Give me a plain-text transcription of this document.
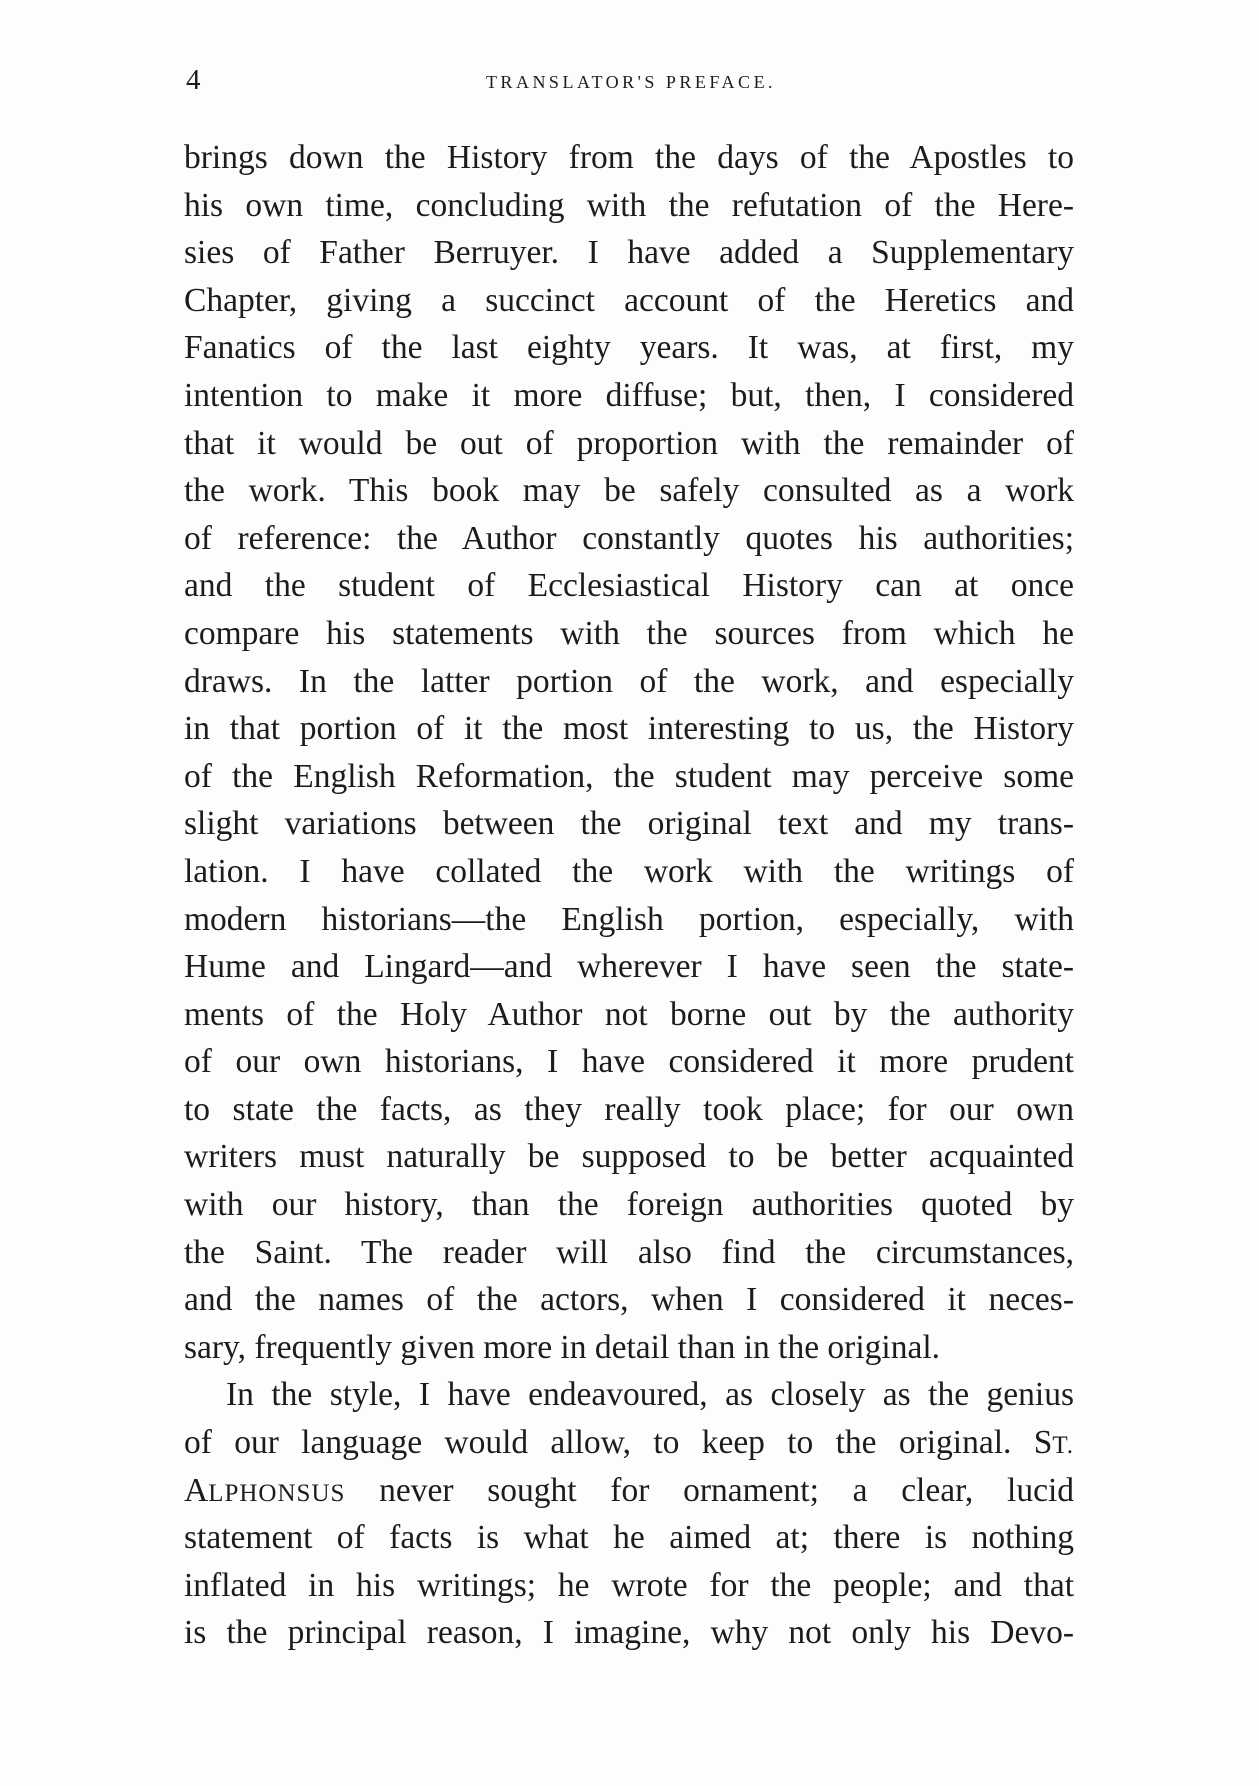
4	TRANSLATOR'S PREFACE.
brings down the History from the days of the Apostles to
his own time, concluding with the refutation of the Here-
sies of Father Berruyer. I have added a Supplementary
Chapter, giving a succinct account of the Heretics and
Fanatics of the last eighty years. It was, at first, my
intention to make it more diffuse; but, then, I considered
that it would be out of proportion with the remainder of
the work. This book may be safely consulted as a work
of reference: the Author constantly quotes his authorities;
and the student of Ecclesiastical History can at once
compare his statements with the sources from which he
draws. In the latter portion of the work, and especially
in that portion of it the most interesting to us, the History
of the English Reformation, the student may perceive some
slight variations between the original text and my trans-
lation. I have collated the work with the writings of
modern historians—the English portion, especially, with
Hume and Lingard—and wherever I have seen the state-
ments of the Holy Author not borne out by the authority
of our own historians, I have considered it more prudent
to state the facts, as they really took place; for our own
writers must naturally be supposed to be better acquainted
with our history, than the foreign authorities quoted by
the Saint. The reader will also find the circumstances,
and the names of the actors, when I considered it neces-
sary, frequently given more in detail than in the original.
In the style, I have endeavoured, as closely as the genius
of our language would allow, to keep to the original. ST.
ALPHONSUS never sought for ornament; a clear, lucid
statement of facts is what he aimed at; there is nothing
inflated in his writings; he wrote for the people; and that
is the principal reason, I imagine, why not only his Devo-
